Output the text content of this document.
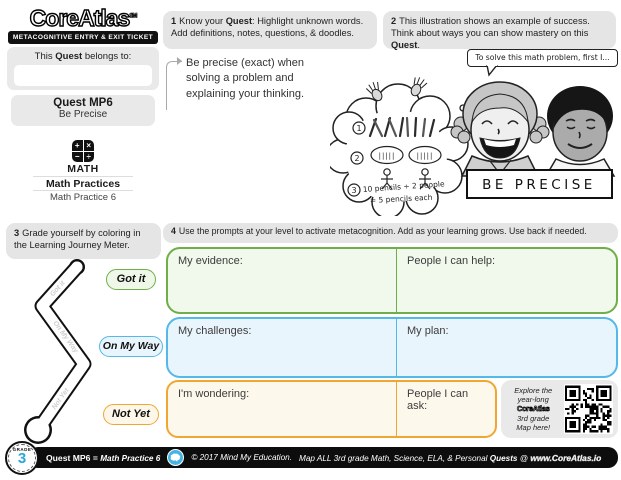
CoreAtlas℠
METACOGNITIVE ENTRY & EXIT TICKET
This Quest belongs to:
Quest MP6
Be Precise
+ ×
− ÷
MATH
Math Practices
Math Practice 6
1 Know your Quest: Highlight unknown words. Add definitions, notes, questions, & doodles.
Be precise (exact) when solving a problem and explaining your thinking.
2 This illustration shows an example of success. Think about ways you can show mastery on this Quest.
To solve this math problem, first I...
1
2	|||||	|||||
3 10 pencils ÷ 2 people
= 5 pencils each
BE PRECISE
3 Grade yourself by coloring in the Learning Journey Meter.
Got it
On My Way
Not Yet
Got it
On My Way
Not Yet
4 Use the prompts at your level to activate metacognition. Add as your learning grows. Use back if needed.
My evidence:	People I can help:
My challenges:	My plan:
I'm wondering:	People I can ask:
Explore the
year-long
CoreAtlas
3rd grade
Map here!
Quest MP6 = Math Practice 6	© 2017 Mind My Education. Map ALL 3rd grade Math, Science, ELA, & Personal Quests @ www.CoreAtlas.io
GRADE
3
